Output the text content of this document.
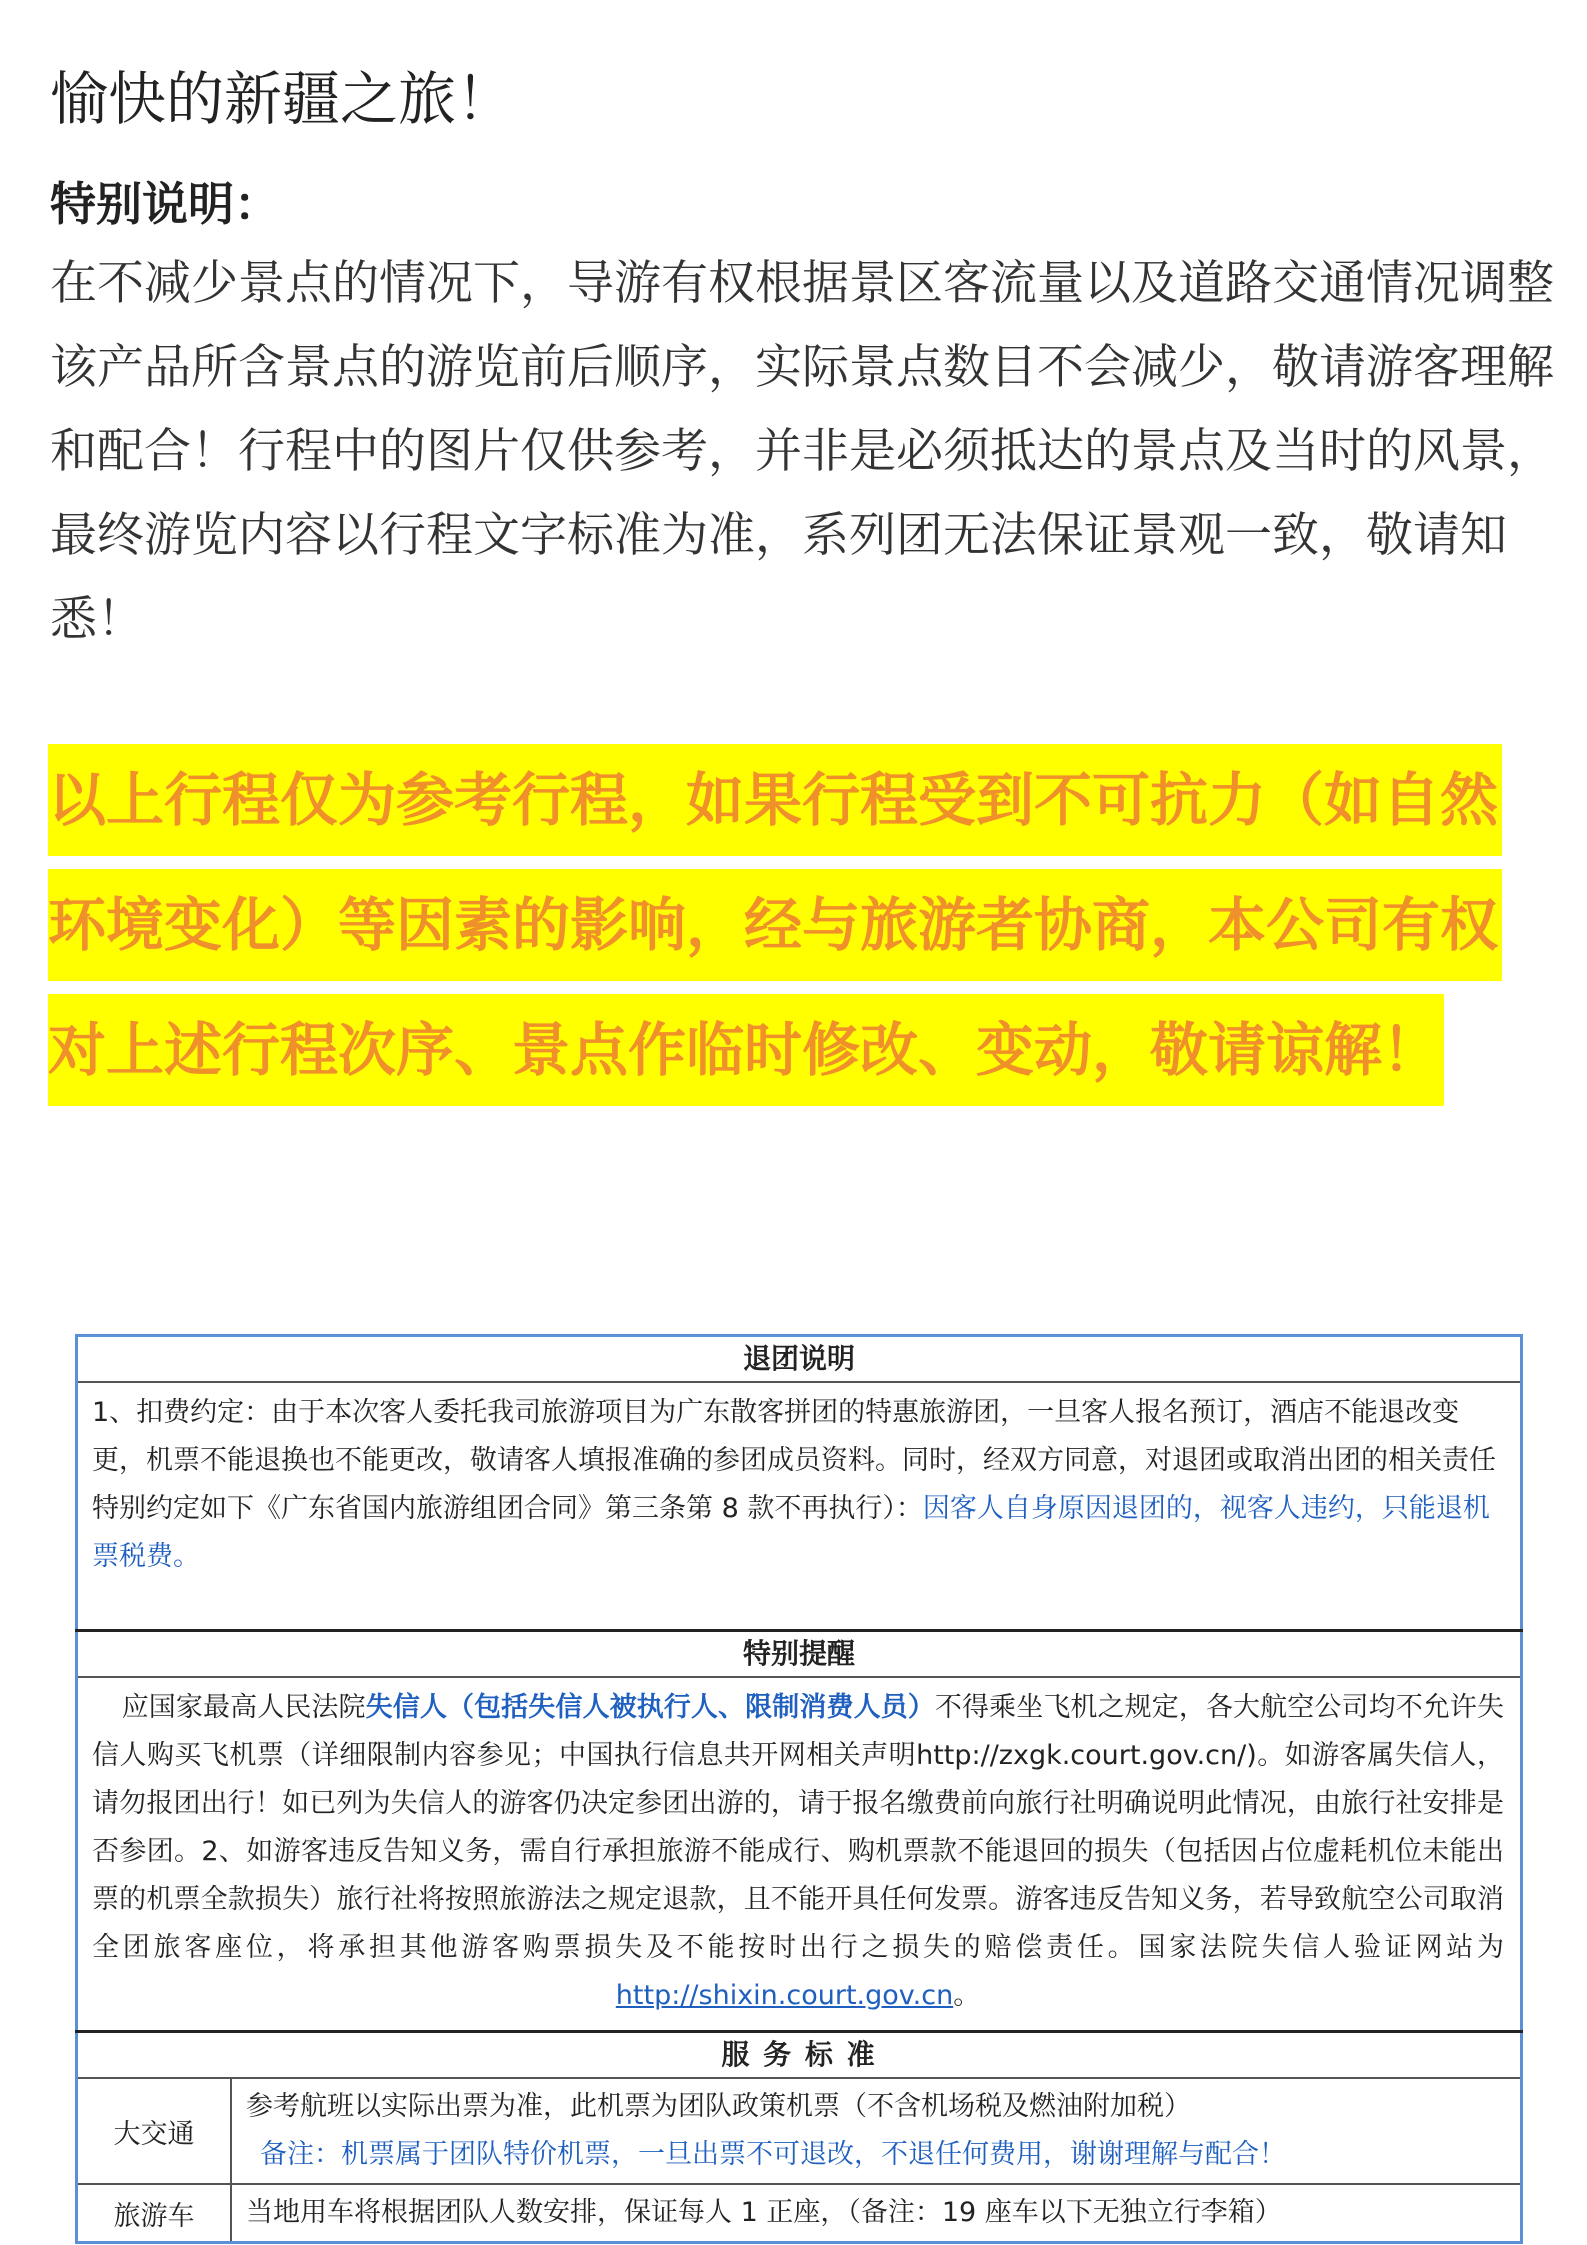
愉快的新疆之旅！
特别说明：
在不减少景点的情况下，导游有权根据景区客流量以及道路交通情况调整该产品所含景点的游览前后顺序，实际景点数目不会减少，敬请游客理解和配合！行程中的图片仅供参考，并非是必须抵达的景点及当时的风景，最终游览内容以行程文字标准为准，系列团无法保证景观一致，敬请知悉！
以上行程仅为参考行程，如果行程受到不可抗力（如自然
环境变化）等因素的影响，经与旅游者协商，本公司有权
对上述行程次序、景点作临时修改、变动，敬请谅解！
退团说明	
1、扣费约定：由于本次客人委托我司旅游项目为广东散客拼团的特惠旅游团，一旦客人报名预订，酒店不能退改变更，机票不能退换也不能更改，敬请客人填报准确的参团成员资料。同时，经双方同意，对退团或取消出团的相关责任特别约定如下《广东省国内旅游组团合同》第三条第 8 款不再执行）：因客人自身原因退团的，视客人违约，只能退机票税费。	
特别提醒	
应国家最高人民法院失信人（包括失信人被执行人、限制消费人员）不得乘坐飞机之规定，各大航空公司均不允许失信人购买飞机票（详细限制内容参见；中国执行信息共开网相关声明http://zxgk.court.gov.cn/)。如游客属失信人，请勿报团出行！如已列为失信人的游客仍决定参团出游的，请于报名缴费前向旅行社明确说明此情况，由旅行社安排是否参团。2、如游客违反告知义务，需自行承担旅游不能成行、购机票款不能退回的损失（包括因占位虚耗机位未能出票的机票全款损失）旅行社将按照旅游法之规定退款，且不能开具任何发票。游客违反告知义务，若导致航空公司取消全团旅客座位，将承担其他游客购票损失及不能按时出行之损失的赔偿责任。国家法院失信人验证网站为http://shixin.court.gov.cn。	
服 务 标 准	
大交通	参考航班以实际出票为准，此机票为团队政策机票（不含机场税及燃油附加税）
备注：机票属于团队特价机票，一旦出票不可退改，不退任何费用，谢谢理解与配合！

旅游车	当地用车将根据团队人数安排，保证每人 1 正座，（备注：19 座车以下无独立行李箱）
